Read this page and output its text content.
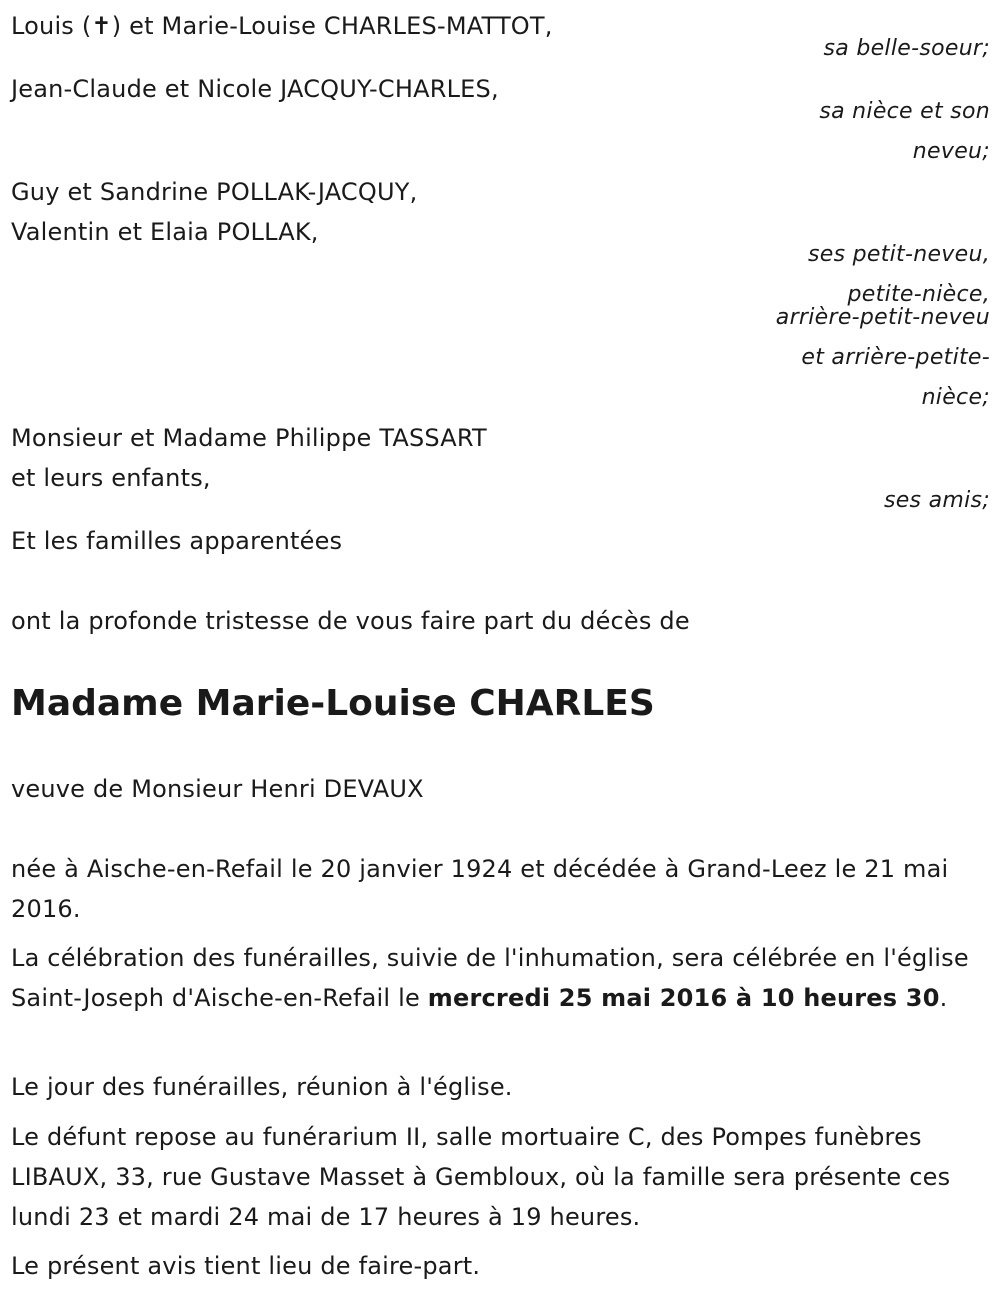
Louis (✝) et Marie-Louise CHARLES-MATTOT,
sa belle-soeur;
Jean-Claude et Nicole JACQUY-CHARLES,
sa nièce et son
neveu;
Guy et Sandrine POLLAK-JACQUY,
Valentin et Elaia POLLAK,
ses petit-neveu,
petite-nièce,
arrière-petit-neveu
et arrière-petite-
nièce;
Monsieur et Madame Philippe TASSART
et leurs enfants,
ses amis;
Et les familles apparentées
ont la profonde tristesse de vous faire part du décès de
Madame Marie-Louise CHARLES
veuve de Monsieur Henri DEVAUX
née à Aische-en-Refail le 20 janvier 1924 et décédée à Grand-Leez le 21 mai 2016.
La célébration des funérailles, suivie de l'inhumation, sera célébrée en l'église Saint-Joseph d'Aische-en-Refail le mercredi 25 mai 2016 à 10 heures 30.
Le jour des funérailles, réunion à l'église.
Le défunt repose au funérarium II, salle mortuaire C, des Pompes funèbres LIBAUX, 33, rue Gustave Masset à Gembloux, où la famille sera présente ces lundi 23 et mardi 24 mai de 17 heures à 19 heures.
Le présent avis tient lieu de faire-part.
